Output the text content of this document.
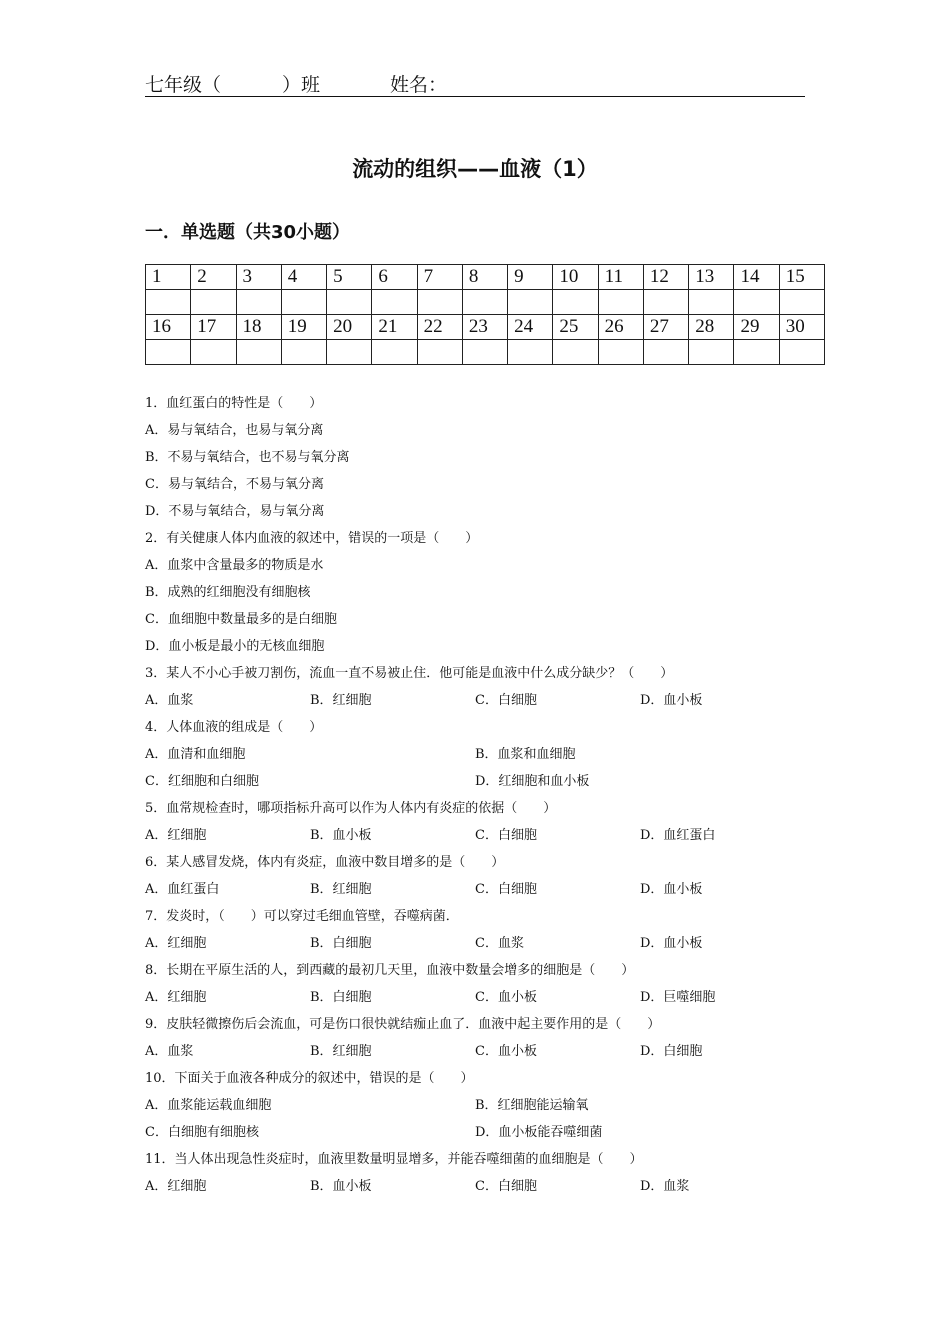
七年级（

	）班

	姓名：

流动的组织——血液（1）
一．单选题（共30小题）
1	2	3	4	5	6	7	8	9	10	11	12	13	14	15

16	17	18	19	20	21	22	23	24	25	26	27	28	29	30

1．血红蛋白的特性是（　　）
A．易与氧结合，也易与氧分离
B．不易与氧结合，也不易与氧分离
C．易与氧结合，不易与氧分离
D．不易与氧结合，易与氧分离
2．有关健康人体内血液的叙述中，错误的一项是（　　）
A．血浆中含量最多的物质是水
B．成熟的红细胞没有细胞核
C．血细胞中数量最多的是白细胞
D．血小板是最小的无核血细胞
3．某人不小心手被刀割伤，流血一直不易被止住．他可能是血液中什么成分缺少？（　　）
A．血浆	B．红细胞	C．白细胞	D．血小板
4．人体血液的组成是（　　）
A．血清和血细胞	B．血浆和血细胞
C．红细胞和白细胞	D．红细胞和血小板
5．血常规检查时，哪项指标升高可以作为人体内有炎症的依据（　　）
A．红细胞	B．血小板	C．白细胞	D．血红蛋白
6．某人感冒发烧，体内有炎症，血液中数目增多的是（　　）
A．血红蛋白	B．红细胞	C．白细胞	D．血小板
7．发炎时，（　　）可以穿过毛细血管壁，吞噬病菌．
A．红细胞	B．白细胞	C．血浆	D．血小板
8．长期在平原生活的人，到西藏的最初几天里，血液中数量会增多的细胞是（　　）
A．红细胞	B．白细胞	C．血小板	D．巨噬细胞
9．皮肤轻微擦伤后会流血，可是伤口很快就结痂止血了．血液中起主要作用的是（　　）
A．血浆	B．红细胞	C．血小板	D．白细胞
10．下面关于血液各种成分的叙述中，错误的是（　　）
A．血浆能运载血细胞	B．红细胞能运输氧
C．白细胞有细胞核	D．血小板能吞噬细菌
11．当人体出现急性炎症时，血液里数量明显增多，并能吞噬细菌的血细胞是（　　）
A．红细胞	B．血小板	C．白细胞	D．血浆
